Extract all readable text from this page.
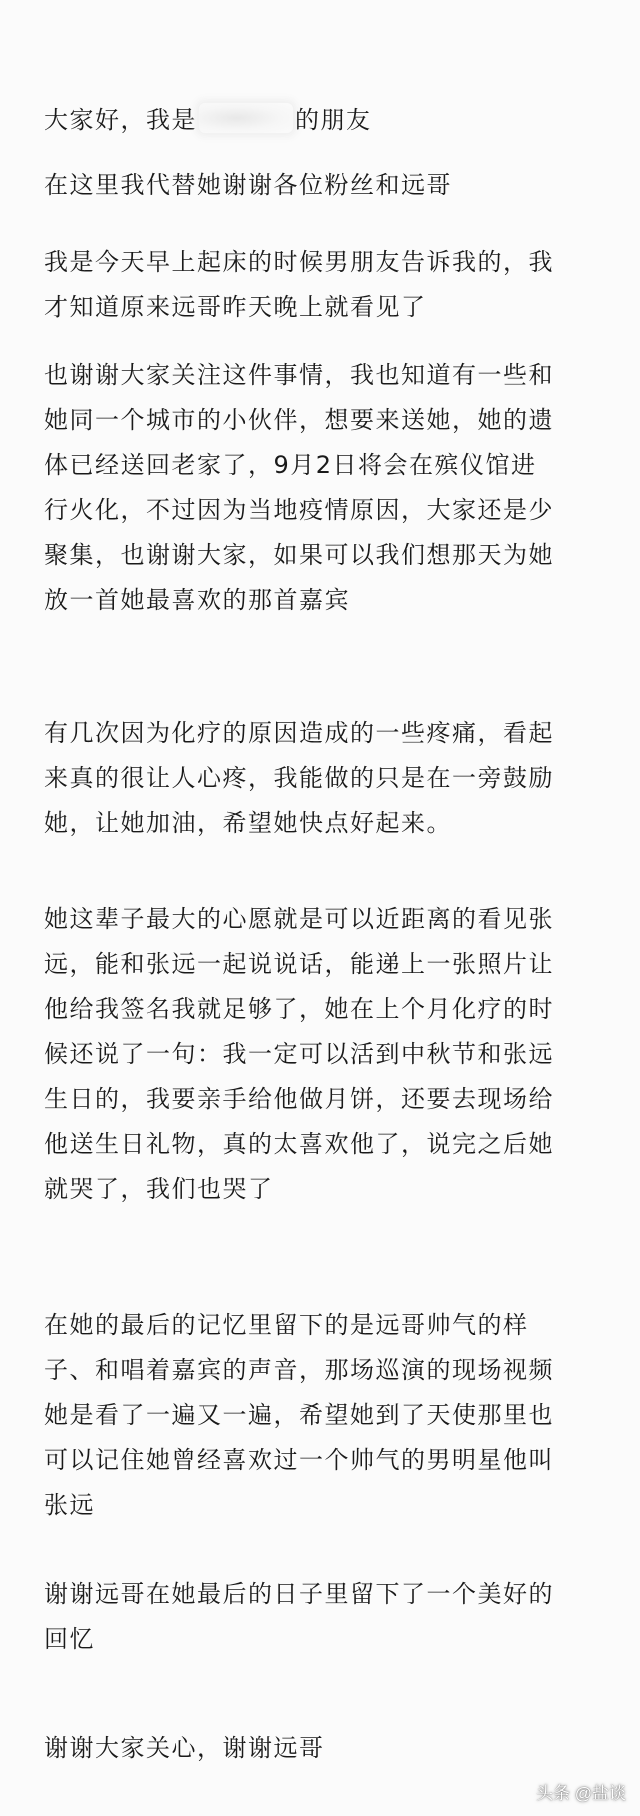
大家好，我是	的朋友

在这里我代替她谢谢各位粉丝和远哥

我是今天早上起床的时候男朋友告诉我的，我
才知道原来远哥昨天晚上就看见了

也谢谢大家关注这件事情，我也知道有一些和
她同一个城市的小伙伴，想要来送她，她的遗
体已经送回老家了，9月2日将会在殡仪馆进
行火化，不过因为当地疫情原因，大家还是少
聚集，也谢谢大家，如果可以我们想那天为她
放一首她最喜欢的那首嘉宾

有几次因为化疗的原因造成的一些疼痛，看起
来真的很让人心疼，我能做的只是在一旁鼓励
她，让她加油，希望她快点好起来。

她这辈子最大的心愿就是可以近距离的看见张
远，能和张远一起说说话，能递上一张照片让
他给我签名我就足够了，她在上个月化疗的时
候还说了一句：我一定可以活到中秋节和张远
生日的，我要亲手给他做月饼，还要去现场给
他送生日礼物，真的太喜欢他了，说完之后她
就哭了，我们也哭了

在她的最后的记忆里留下的是远哥帅气的样
子、和唱着嘉宾的声音，那场巡演的现场视频
她是看了一遍又一遍，希望她到了天使那里也
可以记住她曾经喜欢过一个帅气的男明星他叫
张远

谢谢远哥在她最后的日子里留下了一个美好的
回忆

谢谢大家关心，谢谢远哥

头条 @盐谈
